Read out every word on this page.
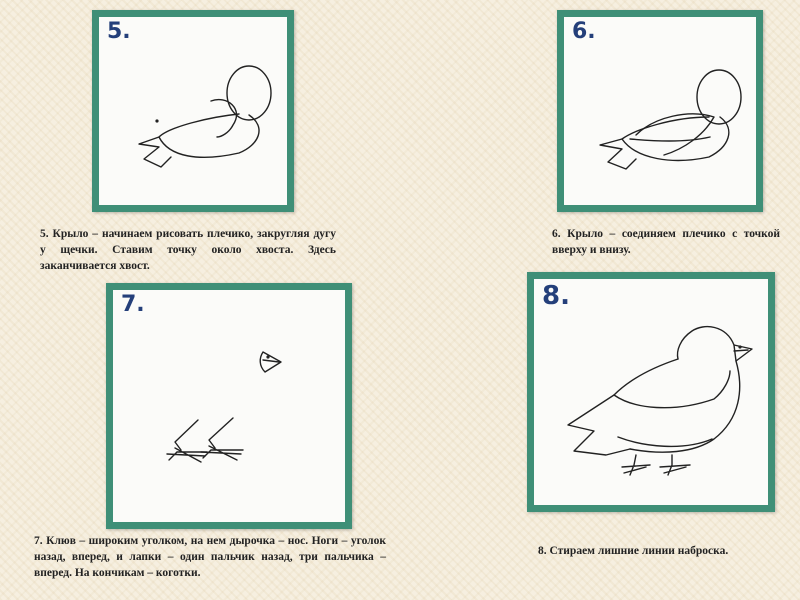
5.	6.
7.	8.

5. Крыло – начинаем рисовать плечико, закругляя дугу у щечки. Ставим точку около хвоста. Здесь заканчивается хвост.

6. Крыло – соединяем плечико с точкой вверху и внизу.

7. Клюв – широким уголком, на нем дырочка – нос. Ноги – уголок назад, вперед, и лапки – один пальчик назад, три пальчика – вперед. На кончикам – коготки.

8. Стираем лишние линии наброска.
